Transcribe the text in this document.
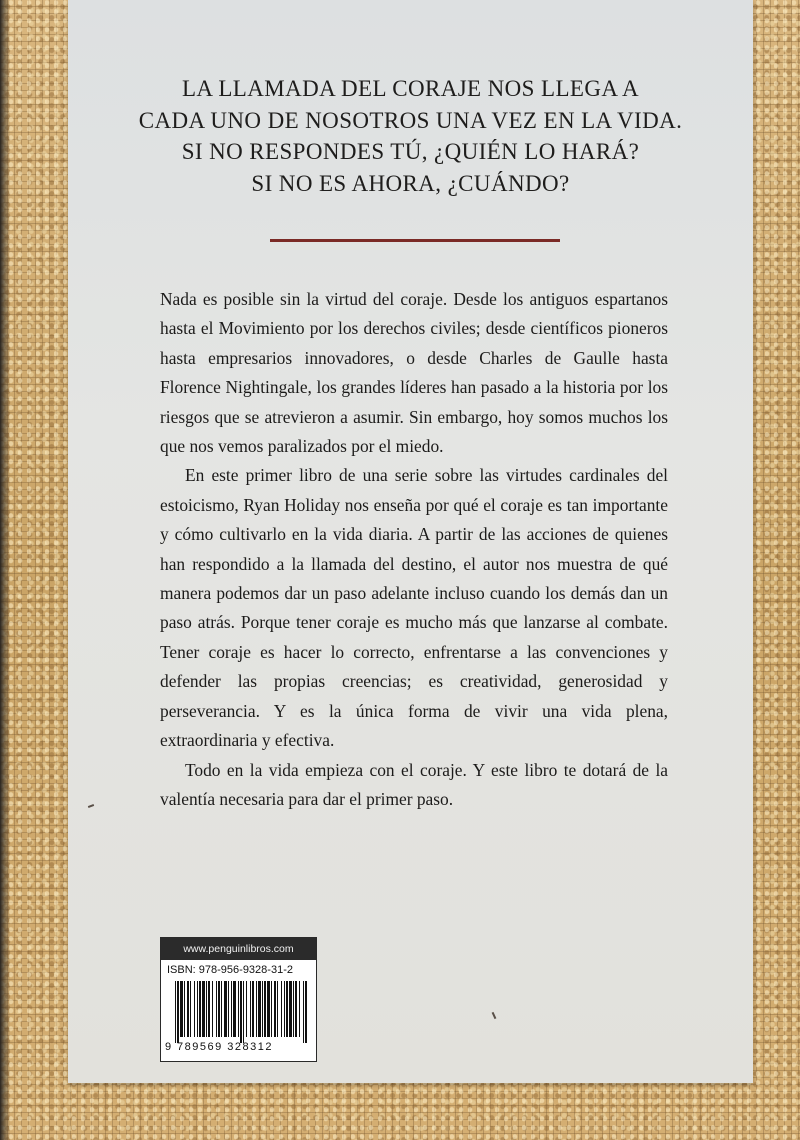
LA LLAMADA DEL CORAJE NOS LLEGA A
CADA UNO DE NOSOTROS UNA VEZ EN LA VIDA.
SI NO RESPONDES TÚ, ¿QUIÉN LO HARÁ?
SI NO ES AHORA, ¿CUÁNDO?

Nada es posible sin la virtud del coraje. Desde los antiguos espartanos hasta el Movimiento por los derechos civiles; desde científicos pioneros hasta empresarios innovadores, o desde Charles de Gaulle hasta Florence Nightingale, los grandes líderes han pasado a la historia por los riesgos que se atrevieron a asumir. Sin embargo, hoy somos muchos los que nos vemos paralizados por el miedo.

En este primer libro de una serie sobre las virtudes cardinales del estoicismo, Ryan Holiday nos enseña por qué el coraje es tan importante y cómo cultivarlo en la vida diaria. A partir de las acciones de quienes han respondido a la llamada del destino, el autor nos muestra de qué manera podemos dar un paso adelante incluso cuando los demás dan un paso atrás. Porque tener coraje es mucho más que lanzarse al combate. Tener coraje es hacer lo correcto, enfrentarse a las convenciones y defender las propias creencias; es creatividad, generosidad y perseverancia. Y es la única forma de vivir una vida plena, extraordinaria y efectiva.

Todo en la vida empieza con el coraje. Y este libro te dotará de la valentía necesaria para dar el primer paso.

www.penguinlibros.com
ISBN: 978-956-9328-31-2
9 789569 328312
